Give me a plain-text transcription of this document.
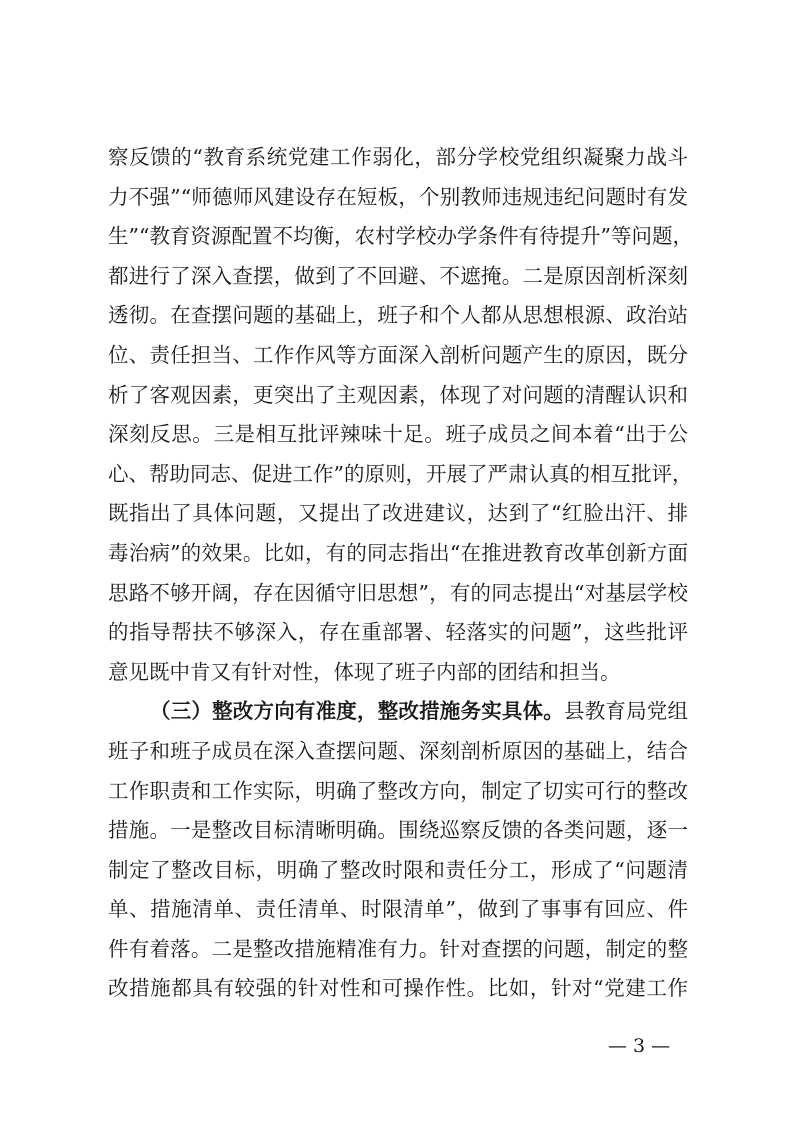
察反馈的“教育系统党建工作弱化，部分学校党组织凝聚力战斗
力不强”“师德师风建设存在短板，个别教师违规违纪问题时有发
生”“教育资源配置不均衡，农村学校办学条件有待提升”等问题，
都进行了深入查摆，做到了不回避、不遮掩。二是原因剖析深刻
透彻。在查摆问题的基础上，班子和个人都从思想根源、政治站
位、责任担当、工作作风等方面深入剖析问题产生的原因，既分
析了客观因素，更突出了主观因素，体现了对问题的清醒认识和
深刻反思。三是相互批评辣味十足。班子成员之间本着“出于公
心、帮助同志、促进工作”的原则，开展了严肃认真的相互批评，
既指出了具体问题，又提出了改进建议，达到了“红脸出汗、排
毒治病”的效果。比如，有的同志指出“在推进教育改革创新方面
思路不够开阔，存在因循守旧思想”，有的同志提出“对基层学校
的指导帮扶不够深入，存在重部署、轻落实的问题”，这些批评
意见既中肯又有针对性，体现了班子内部的团结和担当。
（三）整改方向有准度，整改措施务实具体。县教育局党组
班子和班子成员在深入查摆问题、深刻剖析原因的基础上，结合
工作职责和工作实际，明确了整改方向，制定了切实可行的整改
措施。一是整改目标清晰明确。围绕巡察反馈的各类问题，逐一
制定了整改目标，明确了整改时限和责任分工，形成了“问题清
单、措施清单、责任清单、时限清单”，做到了事事有回应、件
件有着落。二是整改措施精准有力。针对查摆的问题，制定的整
改措施都具有较强的针对性和可操作性。比如，针对“党建工作
— 3 —
